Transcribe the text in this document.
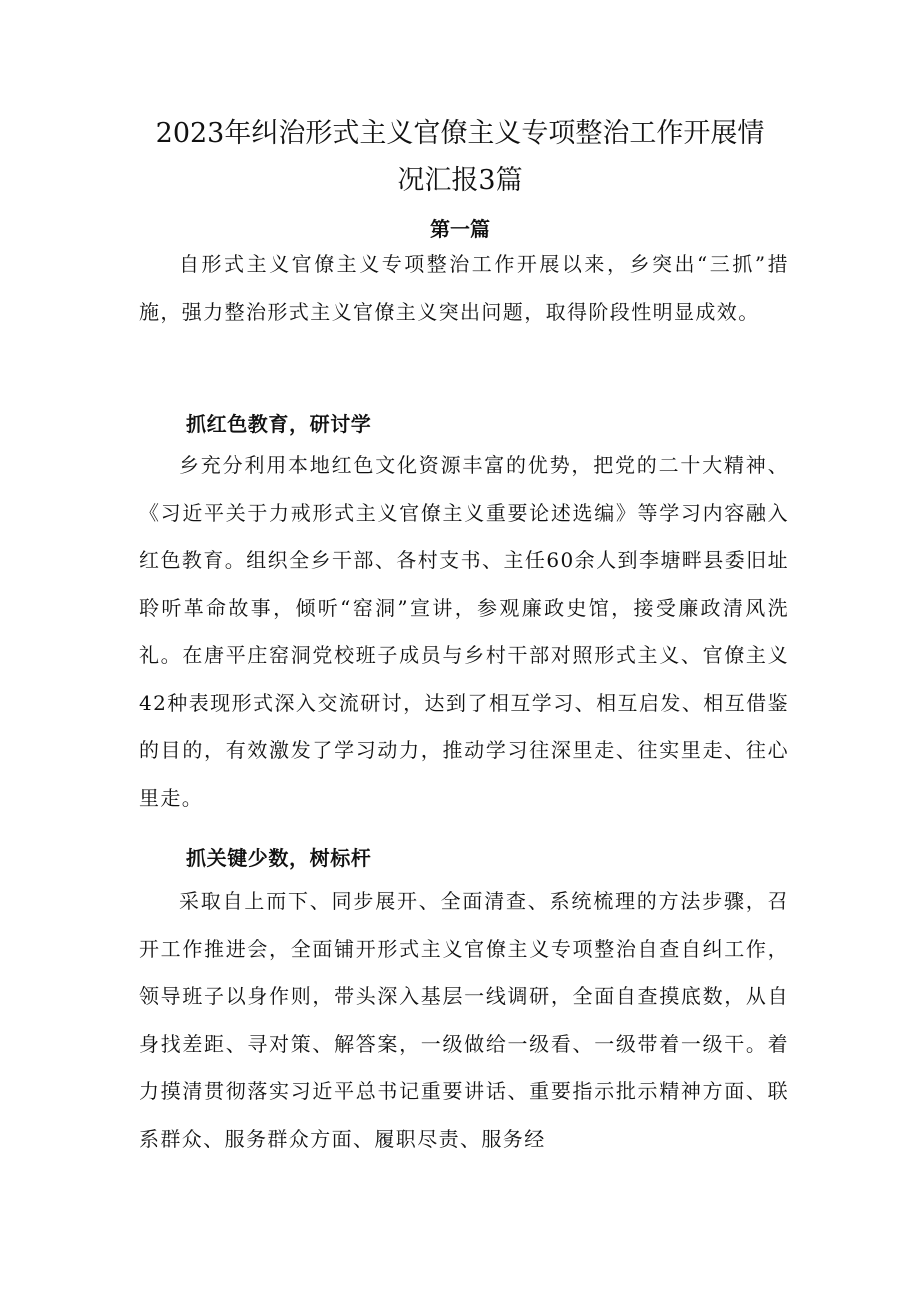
2023年纠治形式主义官僚主义专项整治工作开展情
况汇报3篇
第一篇

自形式主义官僚主义专项整治工作开展以来，乡突出“三抓”措施，强力整治形式主义官僚主义突出问题，取得阶段性明显成效。

抓红色教育，研讨学

乡充分利用本地红色文化资源丰富的优势，把党的二十大精神、《习近平关于力戒形式主义官僚主义重要论述选编》等学习内容融入红色教育。组织全乡干部、各村支书、主任60余人到李塘畔县委旧址聆听革命故事，倾听“窑洞”宣讲，参观廉政史馆，接受廉政清风洗礼。在唐平庄窑洞党校班子成员与乡村干部对照形式主义、官僚主义42种表现形式深入交流研讨，达到了相互学习、相互启发、相互借鉴的目的，有效激发了学习动力，推动学习往深里走、往实里走、往心里走。

抓关键少数，树标杆

采取自上而下、同步展开、全面清查、系统梳理的方法步骤，召开工作推进会，全面铺开形式主义官僚主义专项整治自查自纠工作，领导班子以身作则，带头深入基层一线调研，全面自查摸底数，从自身找差距、寻对策、解答案，一级做给一级看、一级带着一级干。着力摸清贯彻落实习近平总书记重要讲话、重要指示批示精神方面、联系群众、服务群众方面、履职尽责、服务经
